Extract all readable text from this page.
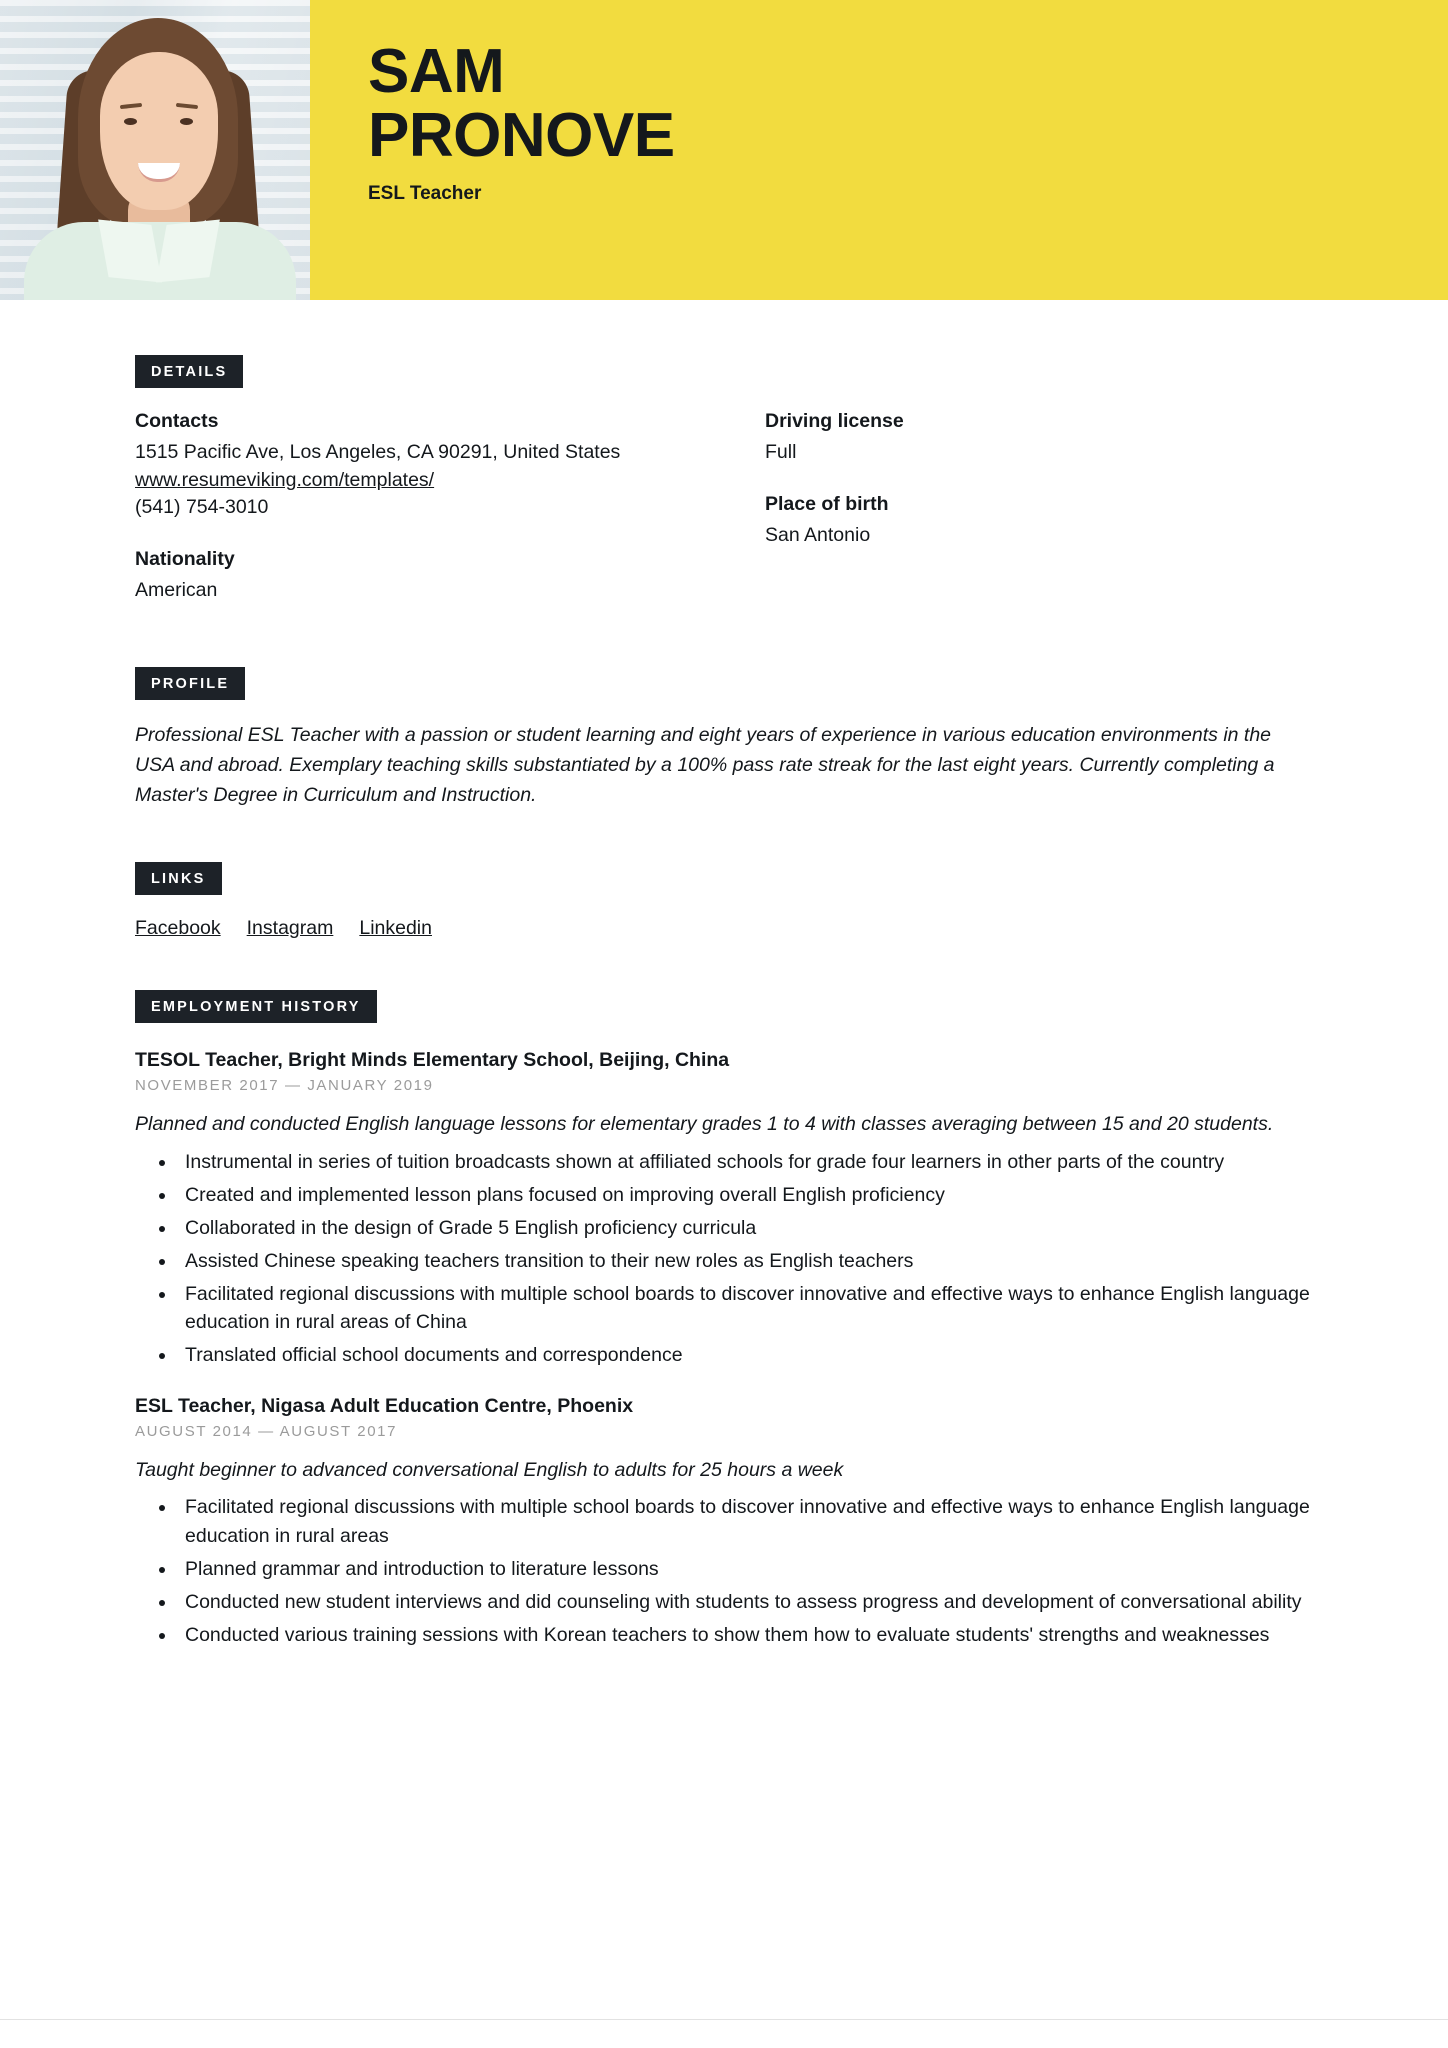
SAM
PRONOVE
ESL Teacher
DETAILS
Contacts
1515 Pacific Ave, Los Angeles, CA 90291, United States
www.resumeviking.com/templates/
(541) 754-3010
Nationality
American
Driving license
Full
Place of birth
San Antonio
PROFILE
Professional ESL Teacher with a passion or student learning and eight years of experience in various education environments in the USA and abroad. Exemplary teaching skills substantiated by a 100% pass rate streak for the last eight years. Currently completing a Master's Degree in Curriculum and Instruction.
LINKS
Facebook Instagram Linkedin
EMPLOYMENT HISTORY
TESOL Teacher, Bright Minds Elementary School, Beijing, China
NOVEMBER 2017 — JANUARY 2019
Planned and conducted English language lessons for elementary grades 1 to 4 with classes averaging between 15 and 20 students.
• Instrumental in series of tuition broadcasts shown at affiliated schools for grade four learners in other parts of the country
• Created and implemented lesson plans focused on improving overall English proficiency
• Collaborated in the design of Grade 5 English proficiency curricula
• Assisted Chinese speaking teachers transition to their new roles as English teachers
• Facilitated regional discussions with multiple school boards to discover innovative and effective ways to enhance English language education in rural areas of China
• Translated official school documents and correspondence
ESL Teacher, Nigasa Adult Education Centre, Phoenix
AUGUST 2014 — AUGUST 2017
Taught beginner to advanced conversational English to adults for 25 hours a week
• Facilitated regional discussions with multiple school boards to discover innovative and effective ways to enhance English language education in rural areas
• Planned grammar and introduction to literature lessons
• Conducted new student interviews and did counseling with students to assess progress and development of conversational ability
• Conducted various training sessions with Korean teachers to show them how to evaluate students' strengths and weaknesses
